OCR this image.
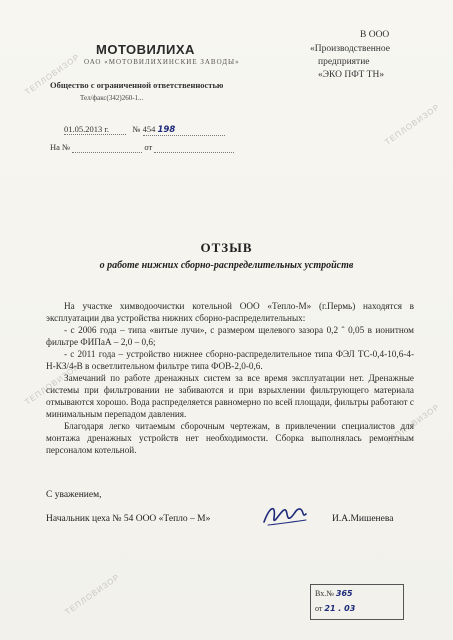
ТЕПЛОВИЗОР
ТЕПЛОВИЗОР
ТЕПЛОВИЗОР
ТЕПЛОВИЗОР
ТЕПЛОВИЗОР
МОТОВИЛИХА
ОАО «МОТОВИЛИХИНСКИЕ ЗАВОДЫ»
Общество с ограниченной ответственностью
Тел/факс(342)260-1...
В ООО
«Производственное
предприятие
«ЭКО ПФТ ТН»
01.05.2013 г.	№ 454 198
На №	от
ОТЗЫВ
о работе нижних сборно-распределительных устройств

На участке химводоочистки котельной ООО «Тепло-М» (г.Пермь) находятся в эксплуатации два устройства нижних сборно-распределительных:

- с 2006 года – типа «витые лучи», с размером щелевого зазора 0,2 ˆ 0,05 в ионитном фильтре ФИПаА – 2,0 – 0,6;

- с 2011 года – устройство нижнее сборно-распределительное типа ФЭЛ ТС-0,4-10,6-4-Н-КЗ/4-В в осветлительном фильтре типа ФОВ-2,0-0,6.

Замечаний по работе дренажных систем за все время эксплуатации нет. Дренажные системы при фильтровании не забиваются и при взрыхлении фильтрующего материала отмываются хорошо. Вода распределяется равномерно по всей площади, фильтры работают с минимальным перепадом давления.

Благодаря легко читаемым сборочным чертежам, в привлечении специалистов для монтажа дренажных устройств нет необходимости. Сборка выполнялась ремонтным персоналом котельной.

С уважением,
Начальник цеха № 54 ООО «Тепло – М»	И.А.Мишенева
Вх.№ 365
от 21 . 03
